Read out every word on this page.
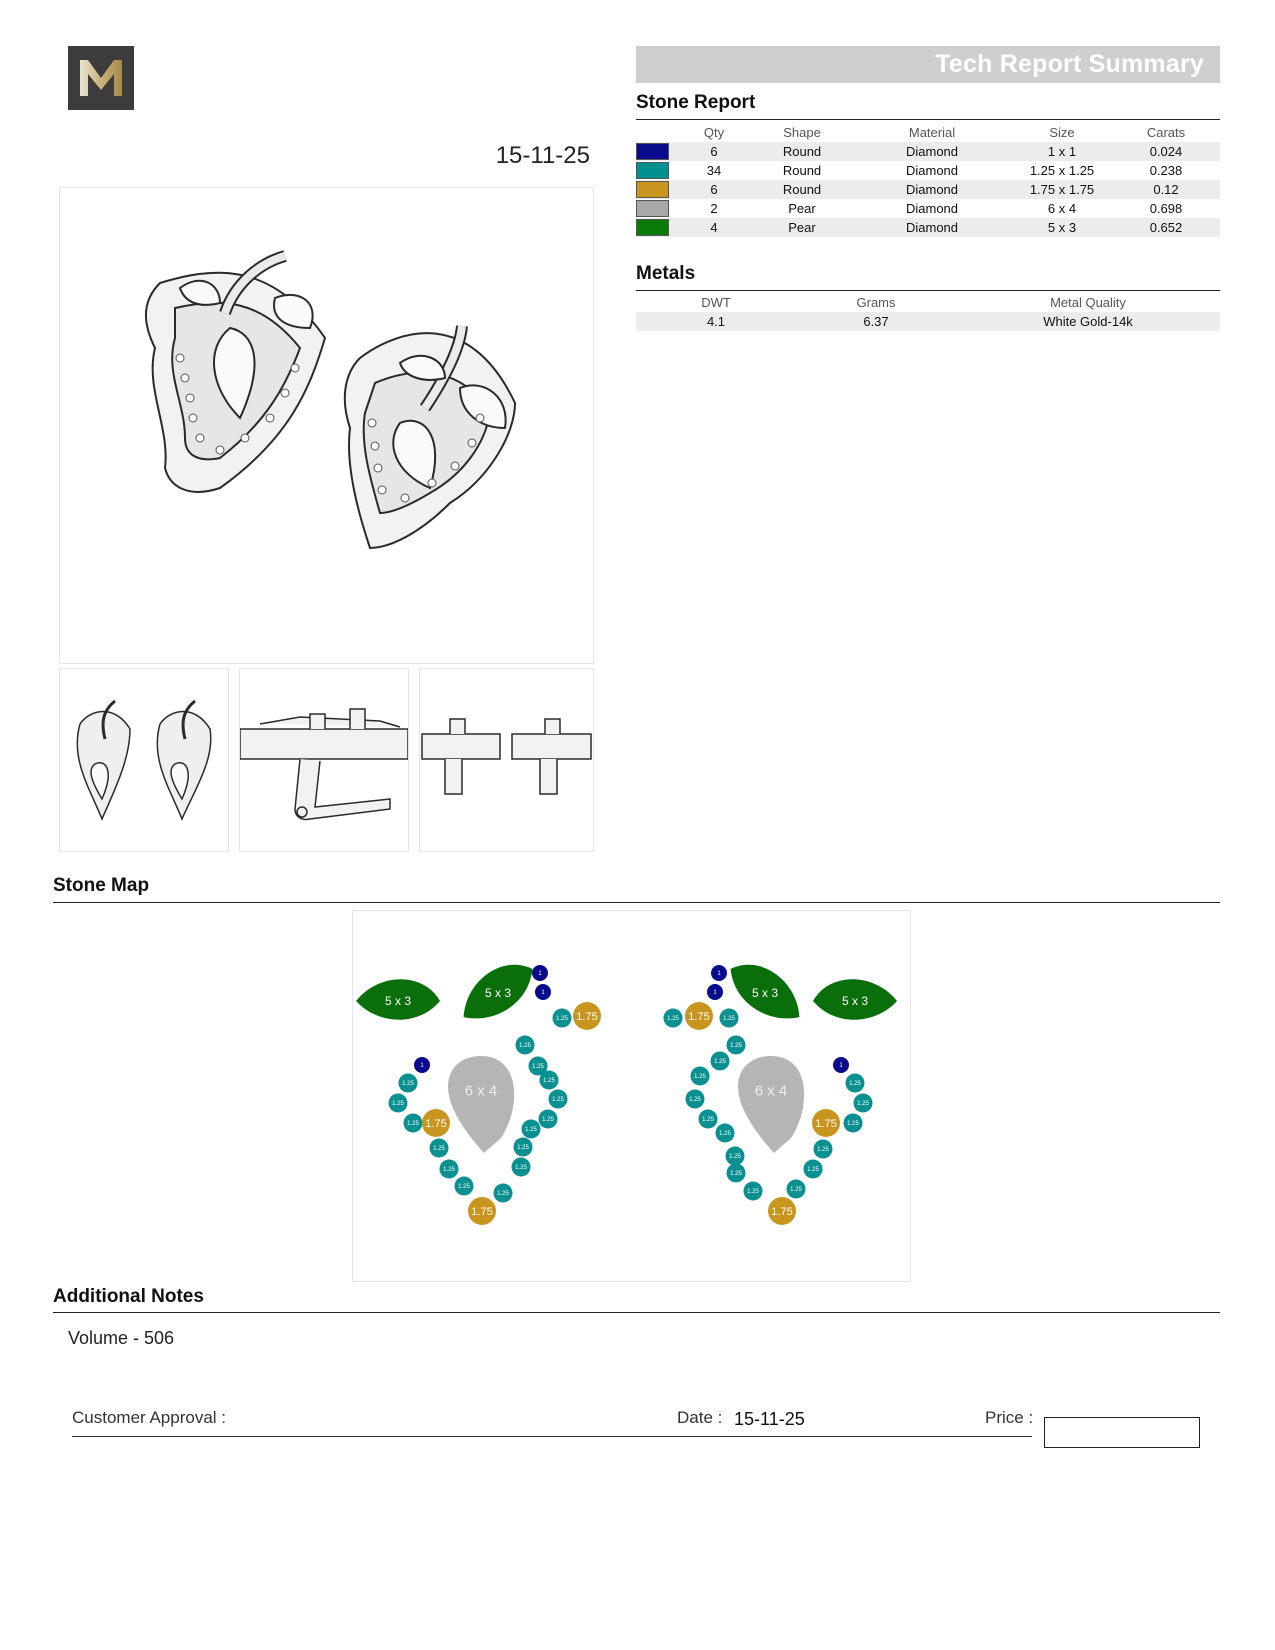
15-11-25
Tech Report Summary
Stone Report
	Qty	Shape	Material	Size	Carats
	6	Round	Diamond	1 x 1	0.024
	34	Round	Diamond	1.25 x 1.25	0.238
	6	Round	Diamond	1.75 x 1.75	0.12
	2	Pear	Diamond	6 x 4	0.698
	4	Pear	Diamond	5 x 3	0.652
Metals
DWT	Grams	Metal Quality
4.1	6.37	White Gold-14k
Stone Map
5 x 3
5 x 3
6 x 4
1
1
1
1.25
1.25
1.25
1.25
1.25
1.25
1.25
1.25
1.25
1.25
1.25
1.25
1.25
1.25
1.25
1.25
1.75
1.75
1.75
5 x 3
5 x 3
6 x 4
1
1
1
1.25	1.25
1.25
1.25
1.25
1.25
1.25
1.25
1.25
1.25
1.25
1.25
1.25
1.25
1.25
1.25
1.25
1.75
1.75
1.75
Additional Notes
Volume - 506
Customer Approval :	Date : 15-11-25	Price :
